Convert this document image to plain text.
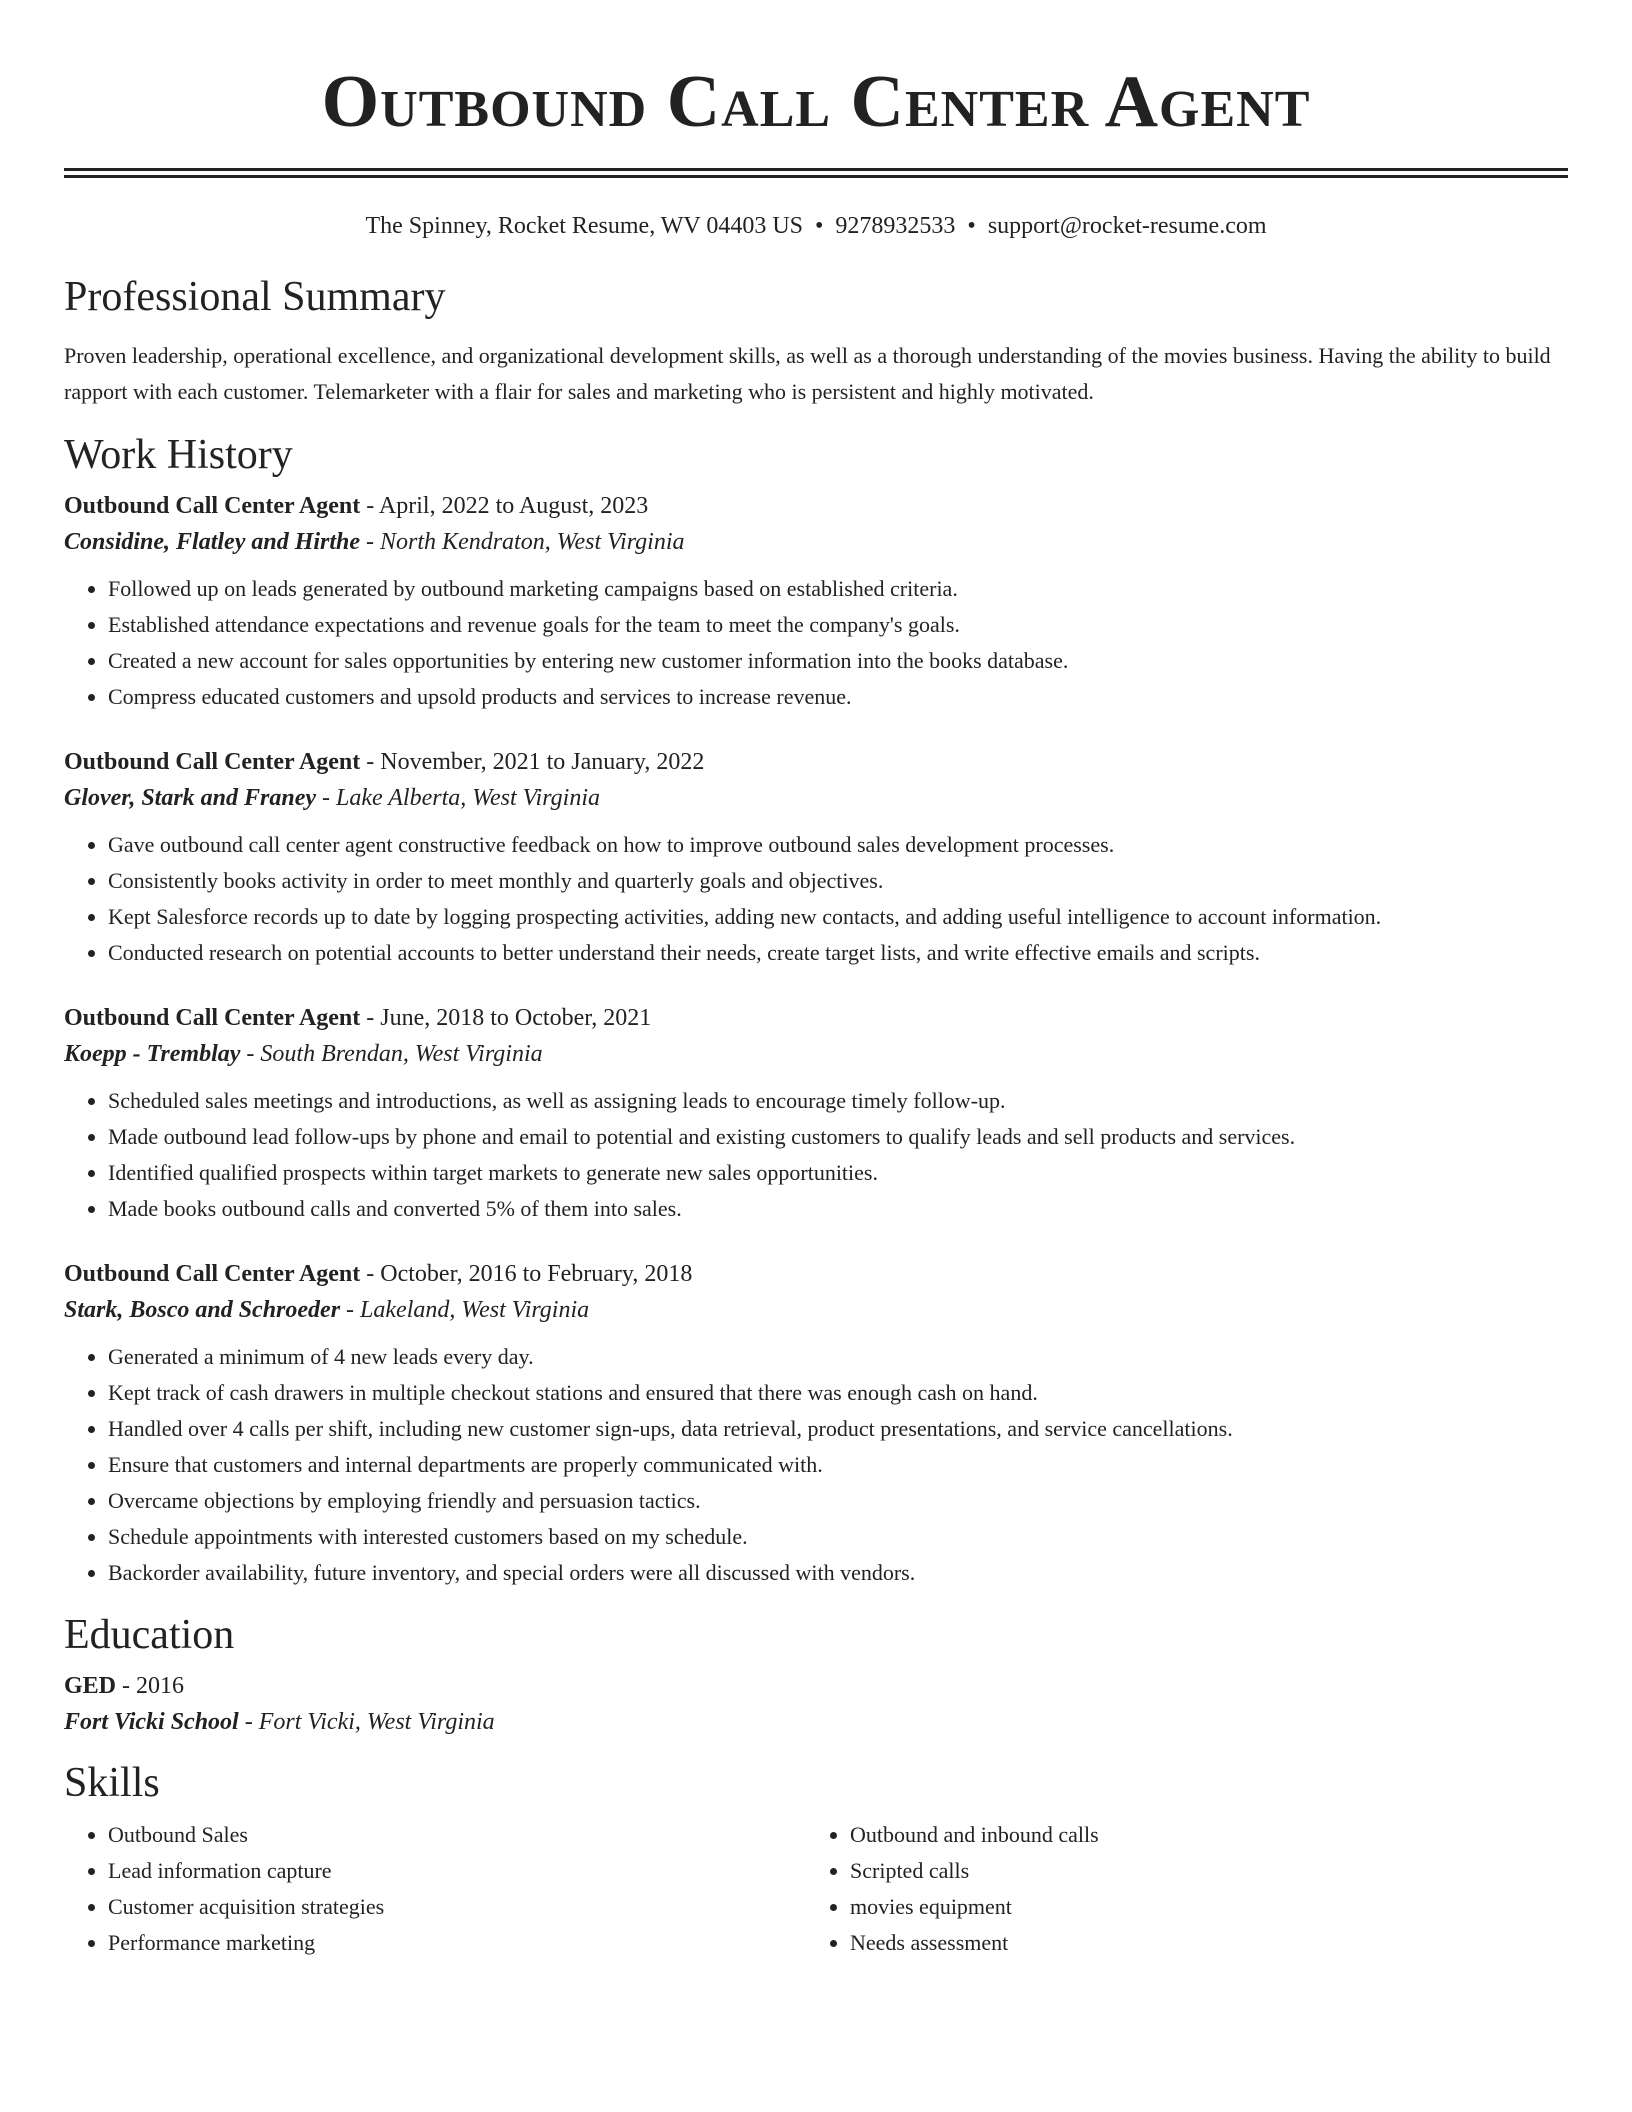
Outbound Call Center Agent
The Spinney, Rocket Resume, WV 04403 US • 9278932533 • support@rocket-resume.com
Professional Summary
Proven leadership, operational excellence, and organizational development skills, as well as a thorough understanding of the movies business. Having the ability to build rapport with each customer. Telemarketer with a flair for sales and marketing who is persistent and highly motivated.
Work History
Outbound Call Center Agent - April, 2022 to August, 2023
Considine, Flatley and Hirthe - North Kendraton, West Virginia
• Followed up on leads generated by outbound marketing campaigns based on established criteria.
• Established attendance expectations and revenue goals for the team to meet the company's goals.
• Created a new account for sales opportunities by entering new customer information into the books database.
• Compress educated customers and upsold products and services to increase revenue.
Outbound Call Center Agent - November, 2021 to January, 2022
Glover, Stark and Franey - Lake Alberta, West Virginia
• Gave outbound call center agent constructive feedback on how to improve outbound sales development processes.
• Consistently books activity in order to meet monthly and quarterly goals and objectives.
• Kept Salesforce records up to date by logging prospecting activities, adding new contacts, and adding useful intelligence to account information.
• Conducted research on potential accounts to better understand their needs, create target lists, and write effective emails and scripts.
Outbound Call Center Agent - June, 2018 to October, 2021
Koepp - Tremblay - South Brendan, West Virginia
• Scheduled sales meetings and introductions, as well as assigning leads to encourage timely follow-up.
• Made outbound lead follow-ups by phone and email to potential and existing customers to qualify leads and sell products and services.
• Identified qualified prospects within target markets to generate new sales opportunities.
• Made books outbound calls and converted 5% of them into sales.
Outbound Call Center Agent - October, 2016 to February, 2018
Stark, Bosco and Schroeder - Lakeland, West Virginia
• Generated a minimum of 4 new leads every day.
• Kept track of cash drawers in multiple checkout stations and ensured that there was enough cash on hand.
• Handled over 4 calls per shift, including new customer sign-ups, data retrieval, product presentations, and service cancellations.
• Ensure that customers and internal departments are properly communicated with.
• Overcame objections by employing friendly and persuasion tactics.
• Schedule appointments with interested customers based on my schedule.
• Backorder availability, future inventory, and special orders were all discussed with vendors.
Education
GED - 2016
Fort Vicki School - Fort Vicki, West Virginia
Skills
• Outbound Sales
• Lead information capture
• Customer acquisition strategies
• Performance marketing
• Outbound and inbound calls
• Scripted calls
• movies equipment
• Needs assessment
